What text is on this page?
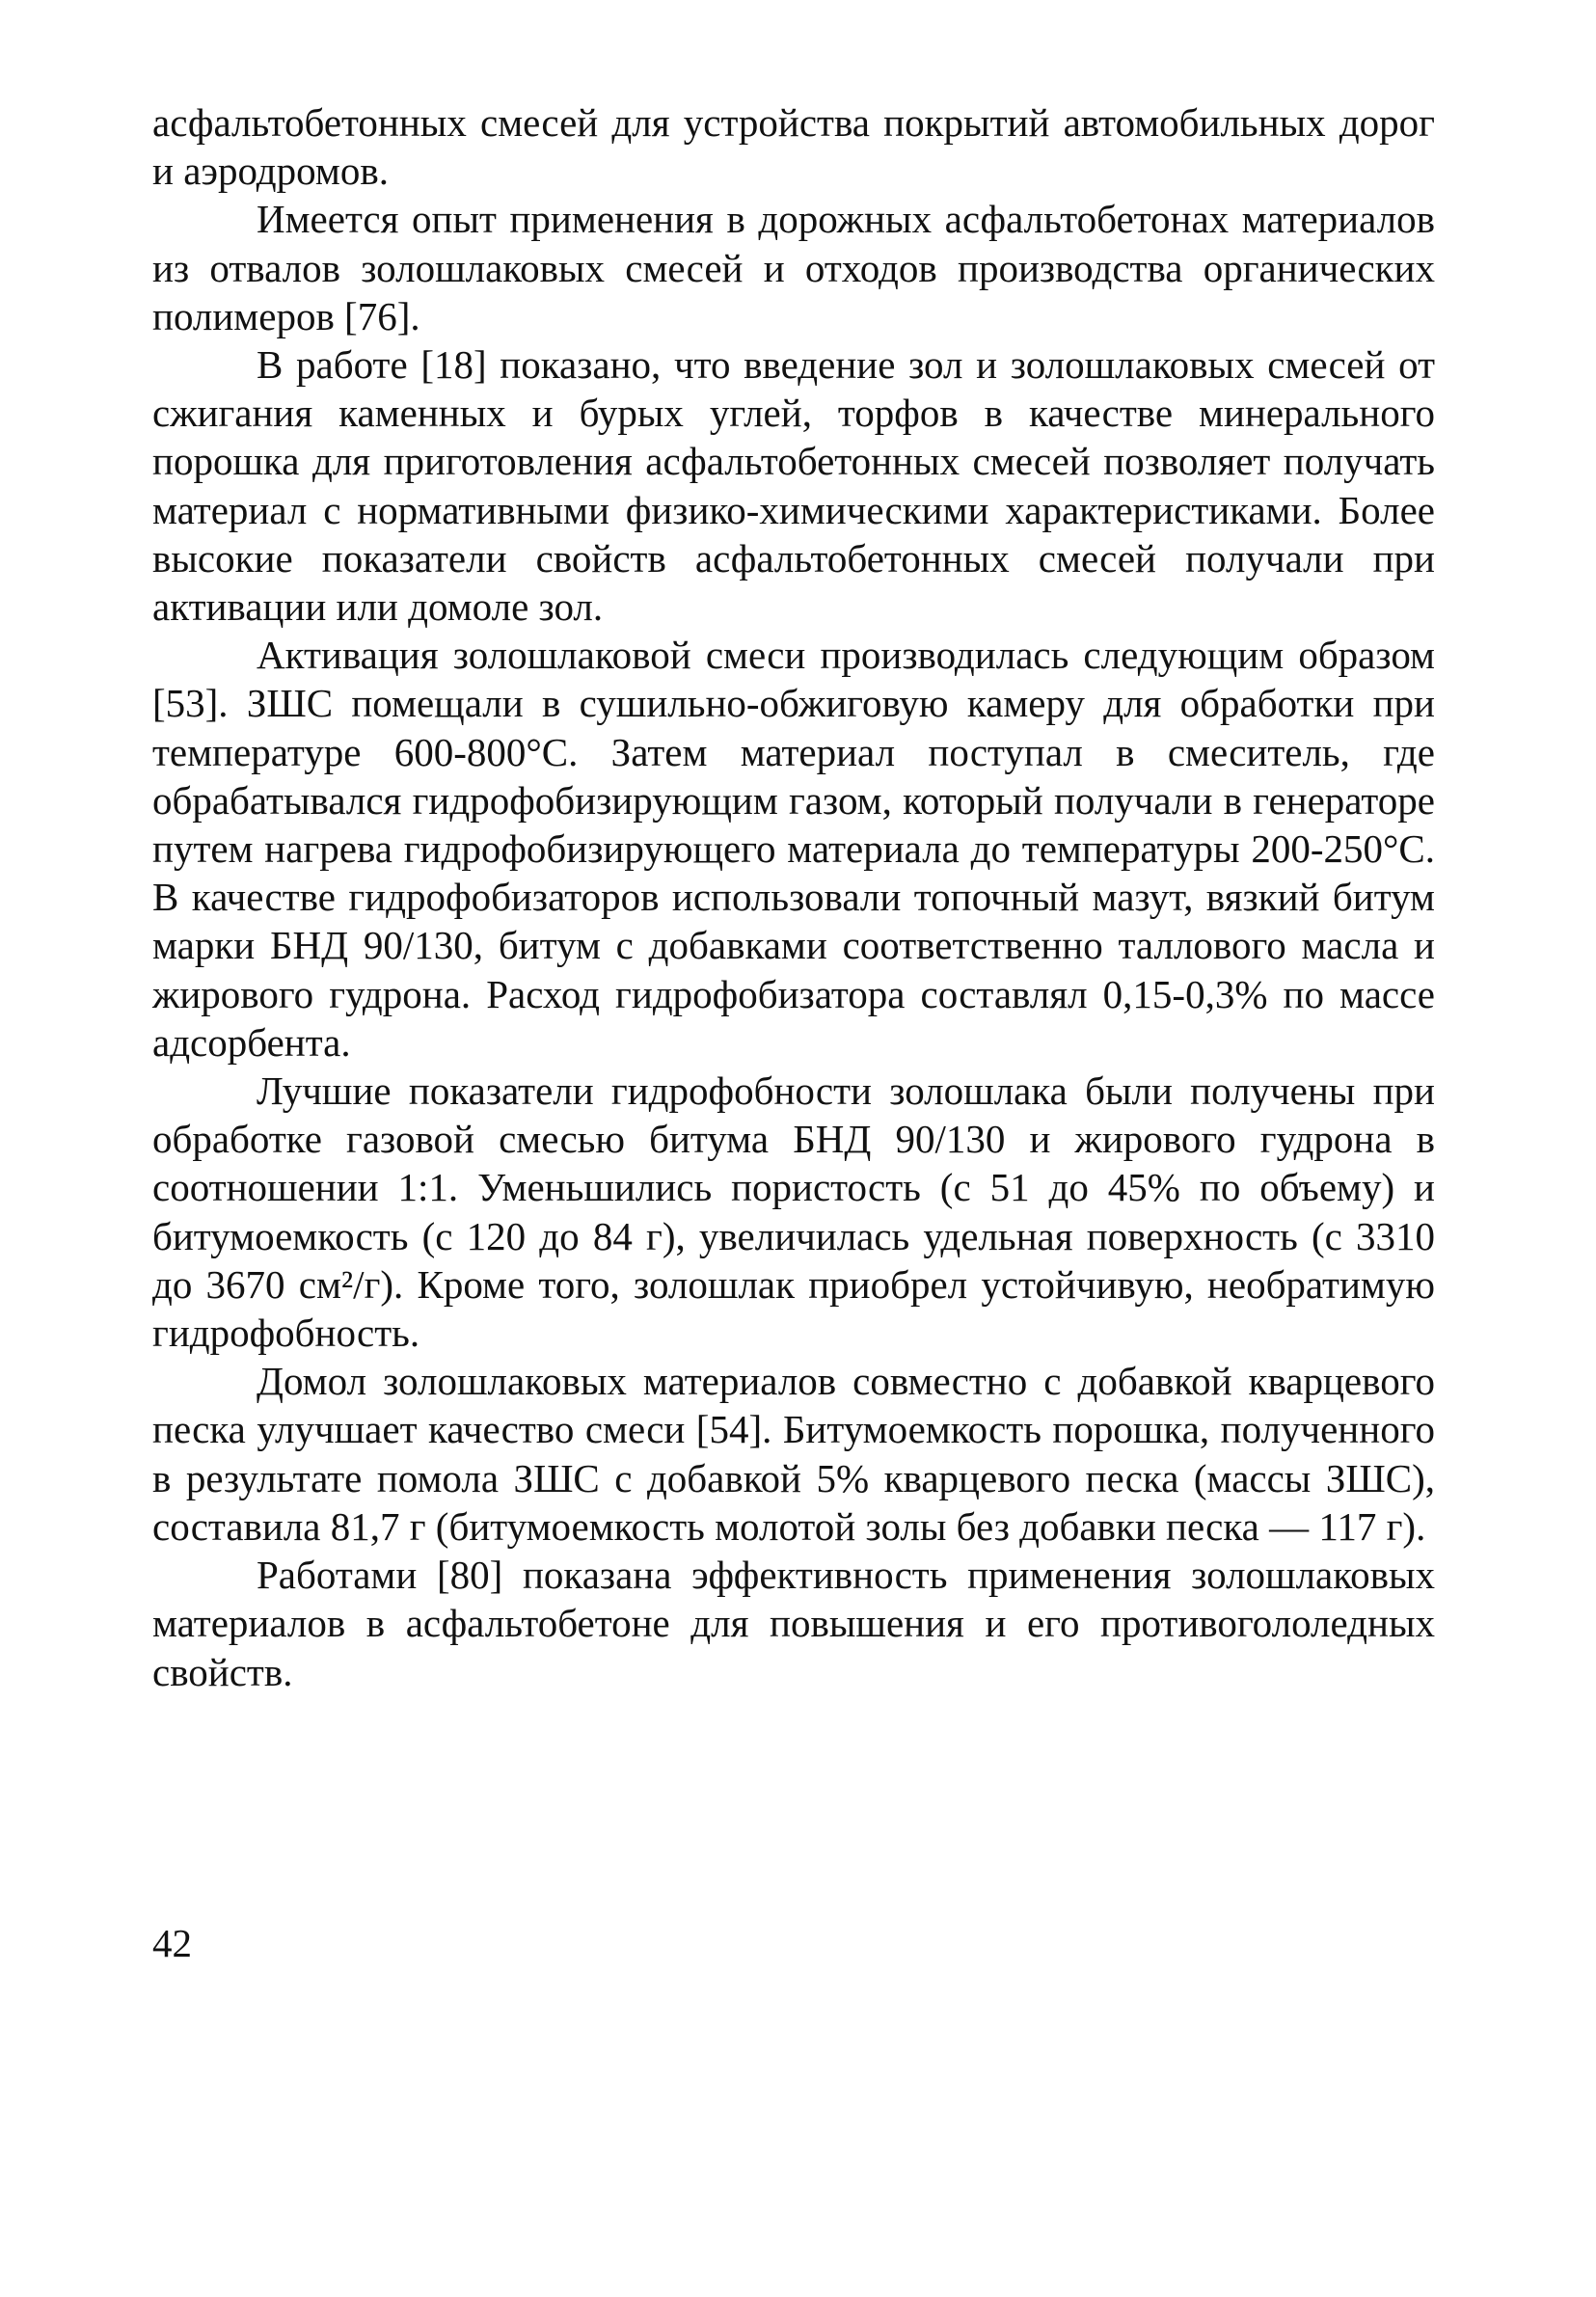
асфальтобетонных смесей для устройства покрытий автомобильных дорог и аэродромов.

Имеется опыт применения в дорожных асфальтобетонах материалов из отвалов золошлаковых смесей и отходов производства органических полимеров [76].

В работе [18] показано, что введение зол и золошлаковых смесей от сжигания каменных и бурых углей, торфов в качестве минерального порошка для приготовления асфальтобетонных смесей позволяет получать материал с нормативными физико-химическими характеристиками. Более высокие показатели свойств асфальтобетонных смесей получали при активации или домоле зол.

Активация золошлаковой смеси производилась следующим образом [53]. ЗШС помещали в сушильно-обжиговую камеру для обработки при температуре 600-800°С. Затем материал поступал в смеситель, где обрабатывался гидрофобизирующим газом, который получали в генераторе путем нагрева гидрофобизирующего материала до температуры 200-250°С. В качестве гидрофобизаторов использовали топочный мазут, вязкий битум марки БНД 90/130, битум с добавками соответственно таллового масла и жирового гудрона. Расход гидрофобизатора составлял 0,15-0,3% по массе адсорбента.

Лучшие показатели гидрофобности золошлака были получены при обработке газовой смесью битума БНД 90/130 и жирового гудрона в соотношении 1:1. Уменьшились пористость (с 51 до 45% по объему) и битумоемкость (с 120 до 84 г), увеличилась удельная поверхность (с 3310 до 3670 см²/г). Кроме того, золошлак приобрел устойчивую, необратимую гидрофобность.

Домол золошлаковых материалов совместно с добавкой кварцевого песка улучшает качество смеси [54]. Битумоемкость порошка, полученного в результате помола ЗШС с добавкой 5% кварцевого песка (массы ЗШС), составила 81,7 г (битумоемкость молотой золы без добавки песка — 117 г).

Работами [80] показана эффективность применения золошлаковых материалов в асфальтобетоне для повышения и его противогололедных свойств.

42
